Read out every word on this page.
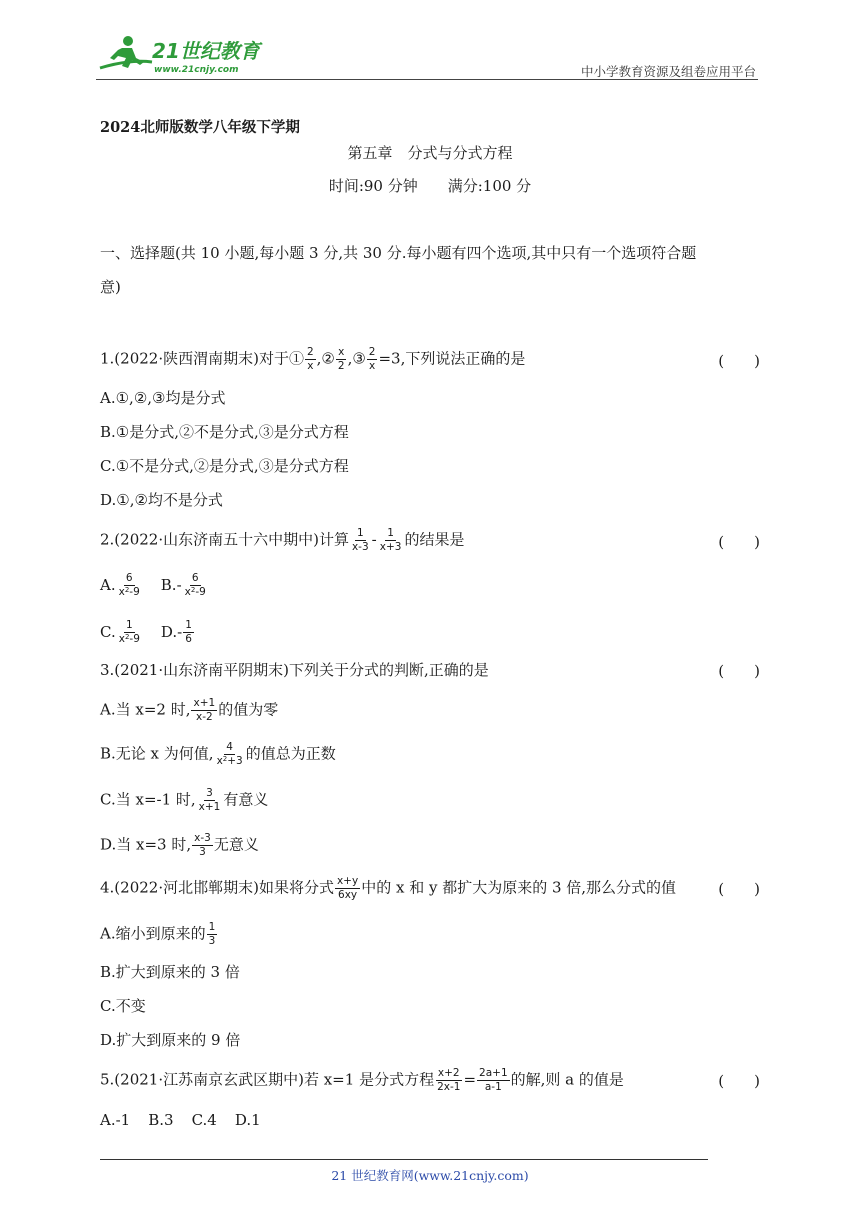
21世纪教育
www.21cnjy.com	中小学教育资源及组卷应用平台
2024北师版数学八年级下学期
第五章　分式与分式方程
时间:90 分钟　　满分:100 分
一、选择题(共 10 小题,每小题 3 分,共 30 分.每小题有四个选项,其中只有一个选项符合题
意)
1.(2022·陕西渭南期末)对于① $\frac{2}{x}$ ,② $\frac{x}{2}$ ,③ $\frac{2}{x} =3$,下列说法正确的是	(　　)
A.①,②,③均是分式
B.①是分式,②不是分式,③是分式方程
C.①不是分式,②是分式,③是分式方程
D.①,②均不是分式
2.(2022·山东济南五十六中期中)计算 $\frac{1}{x-3} - \frac{1}{x+3}$ 的结果是	(　　)
A. $\frac{6}{x^2-9} B.- \frac{6}{x^2-9}$
C. $\frac{1}{x^2-9} D.- \frac{1}{6}$
3.(2021·山东济南平阴期末)下列关于分式的判断,正确的是	(　　)
A.当 x=2 时, $\frac{x+1}{x-2}$ 的值为零
B.无论 x 为何值, $\frac{4}{x^2+3}$ 的值总为正数
C.当 x=-1 时, $\frac{3}{x+1}$ 有意义
D.当 x=3 时, $\frac{x-3}{3}$ 无意义
4.(2022·河北邯郸期末)如果将分式 $\frac{x+y}{6xy}$ 中的 x 和 y 都扩大为原来的 3 倍,那么分式的值	(　　)
A.缩小到原来的 $\frac{1}{3}$
B.扩大到原来的 3 倍
C.不变
D.扩大到原来的 9 倍
5.(2021·江苏南京玄武区期中)若 x=1 是分式方程 $\frac{x+2}{2x-1} = \frac{2a+1}{a-1}$ 的解,则 a 的值是	(　　)
A.-1 B.3 C.4 D.1
21 世纪教育网(www.21cnjy.com)
